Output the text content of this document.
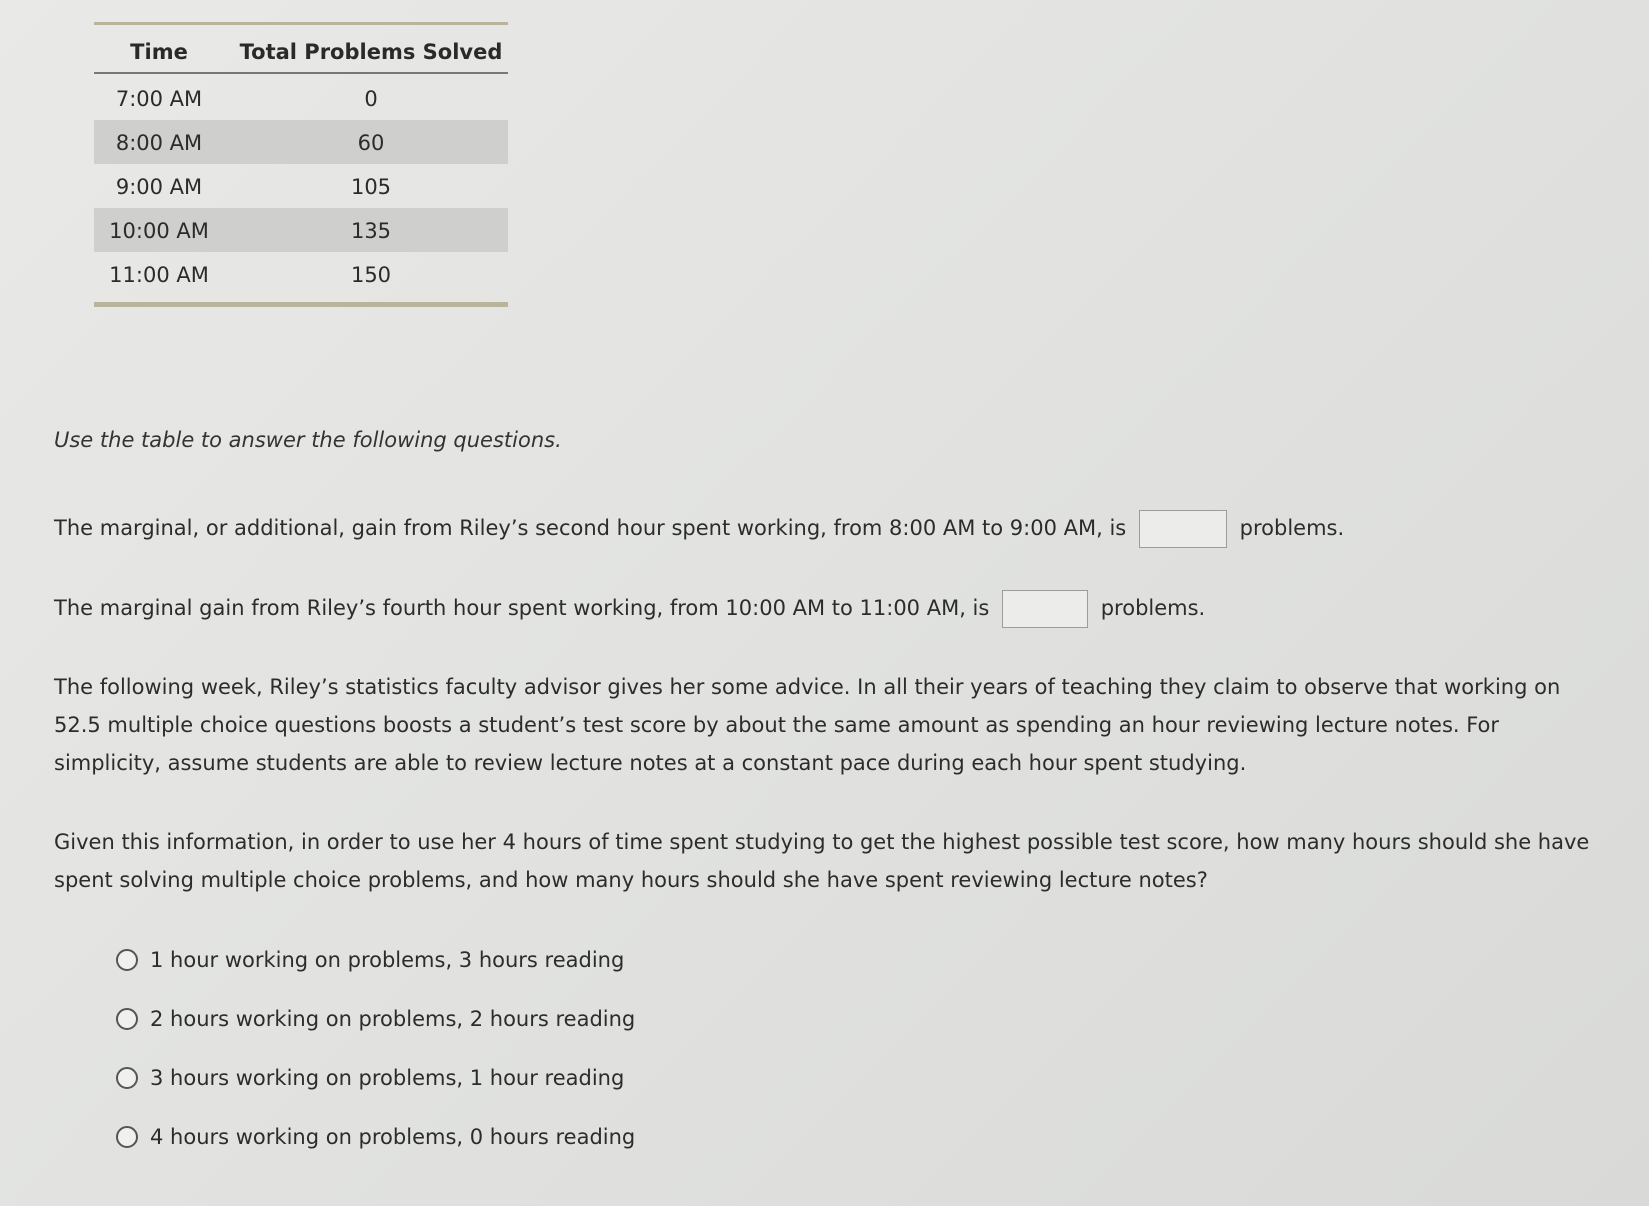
Time	Total Problems Solved
7:00 AM	0
8:00 AM	60
9:00 AM	105
10:00 AM	135
11:00 AM	150
Use the table to answer the following questions.
The marginal, or additional, gain from Riley’s second hour spent working, from 8:00 AM to 9:00 AM, is	problems.
The marginal gain from Riley’s fourth hour spent working, from 10:00 AM to 11:00 AM, is	problems.
The following week, Riley’s statistics faculty advisor gives her some advice. In all their years of teaching they claim to observe that working on 52.5 multiple choice questions boosts a student’s test score by about the same amount as spending an hour reviewing lecture notes. For simplicity, assume students are able to review lecture notes at a constant pace during each hour spent studying.
Given this information, in order to use her 4 hours of time spent studying to get the highest possible test score, how many hours should she have spent solving multiple choice problems, and how many hours should she have spent reviewing lecture notes?
1 hour working on problems, 3 hours reading
2 hours working on problems, 2 hours reading
3 hours working on problems, 1 hour reading
4 hours working on problems, 0 hours reading
